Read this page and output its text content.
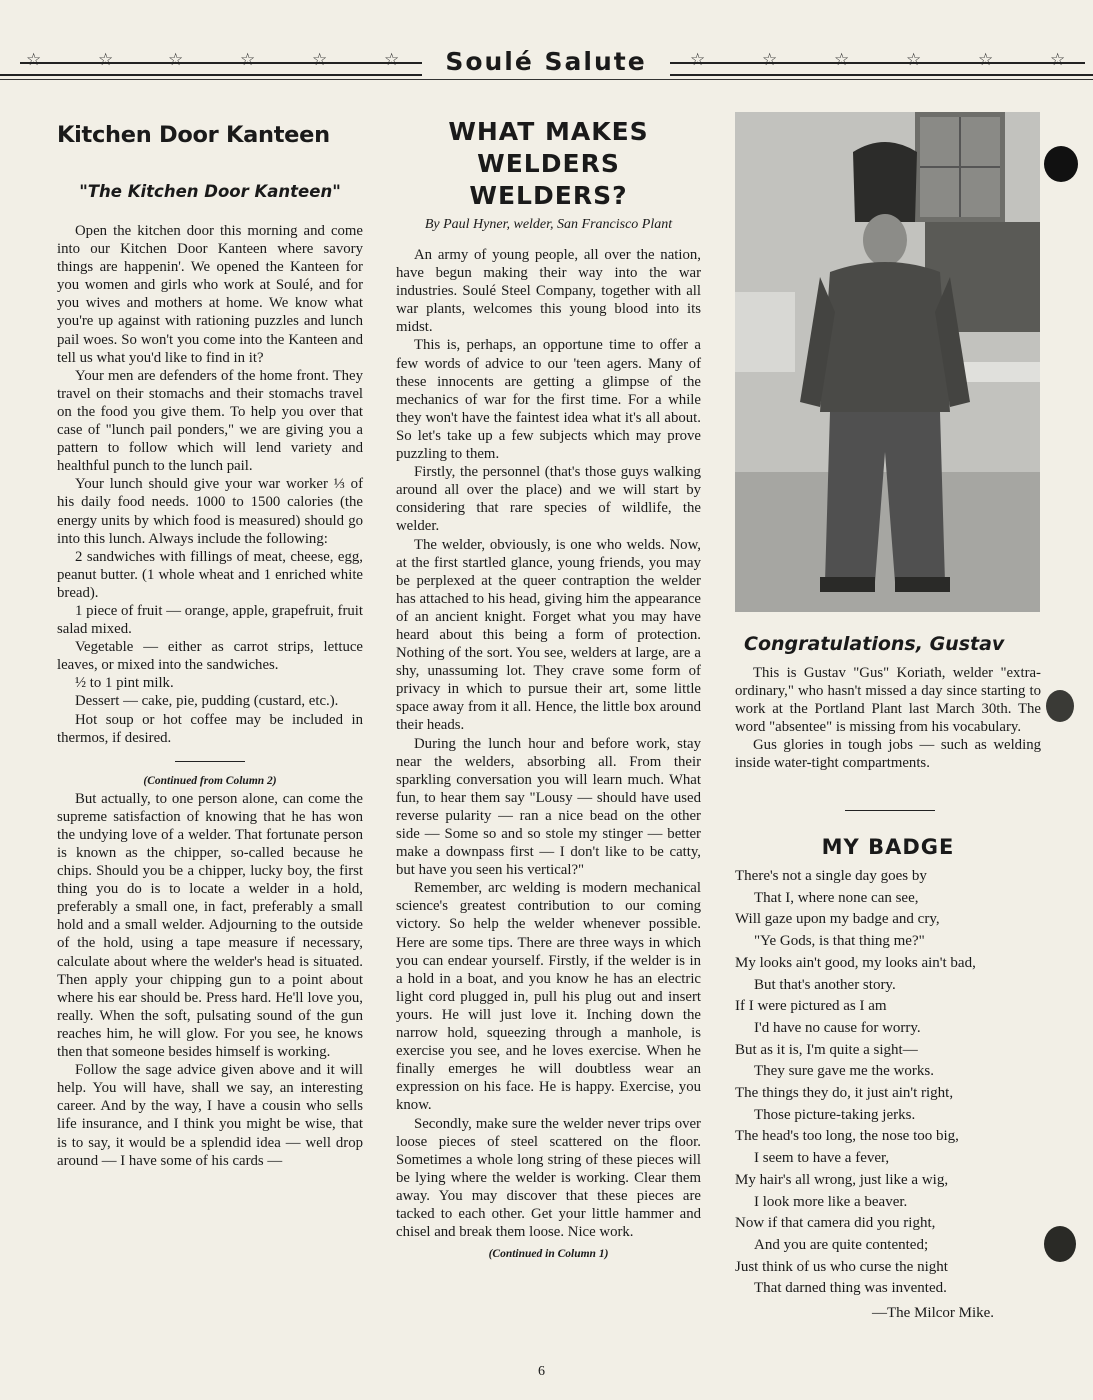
☆	☆	☆	☆	☆	☆	☆	☆	☆	☆	☆	☆
Soulé Salute
Kitchen Door Kanteen
"The Kitchen Door Kanteen"

Open the kitchen door this morning and come into our Kitchen Door Kanteen where savory things are happenin'. We opened the Kanteen for you women and girls who work at Soulé, and for you wives and mothers at home. We know what you're up against with rationing puzzles and lunch pail woes. So won't you come into the Kanteen and tell us what you'd like to find in it?

Your men are defenders of the home front. They travel on their stomachs and their stomachs travel on the food you give them. To help you over that case of "lunch pail ponders," we are giving you a pattern to follow which will lend variety and healthful punch to the lunch pail.

Your lunch should give your war worker ⅓ of his daily food needs. 1000 to 1500 calories (the energy units by which food is measured) should go into this lunch. Always include the following:

2 sandwiches with fillings of meat, cheese, egg, peanut butter. (1 whole wheat and 1 enriched white bread).

1 piece of fruit — orange, apple, grapefruit, fruit salad mixed.

Vegetable — either as carrot strips, lettuce leaves, or mixed into the sandwiches.

½ to 1 pint milk.

Dessert — cake, pie, pudding (custard, etc.).

Hot soup or hot coffee may be included in thermos, if desired.

(Continued from Column 2)

But actually, to one person alone, can come the supreme satisfaction of knowing that he has won the undying love of a welder. That fortunate person is known as the chipper, so-called because he chips. Should you be a chipper, lucky boy, the first thing you do is to locate a welder in a hold, preferably a small one, in fact, preferably a small hold and a small welder. Adjourning to the outside of the hold, using a tape measure if necessary, calculate about where the welder's head is situated. Then apply your chipping gun to a point about where his ear should be. Press hard. He'll love you, really. When the soft, pulsating sound of the gun reaches him, he will glow. For you see, he knows then that someone besides himself is working.

Follow the sage advice given above and it will help. You will have, shall we say, an interesting career. And by the way, I have a cousin who sells life insurance, and I think you might be wise, that is to say, it would be a splendid idea — well drop around — I have some of his cards —

WHAT MAKES WELDERS WELDERS?
By Paul Hyner, welder, San Francisco Plant

An army of young people, all over the nation, have begun making their way into the war industries. Soulé Steel Company, together with all war plants, welcomes this young blood into its midst.

This is, perhaps, an opportune time to offer a few words of advice to our 'teen agers. Many of these innocents are getting a glimpse of the mechanics of war for the first time. For a while they won't have the faintest idea what it's all about. So let's take up a few subjects which may prove puzzling to them.

Firstly, the personnel (that's those guys walking around all over the place) and we will start by considering that rare species of wildlife, the welder.

The welder, obviously, is one who welds. Now, at the first startled glance, young friends, you may be perplexed at the queer contraption the welder has attached to his head, giving him the appearance of an ancient knight. Forget what you may have heard about this being a form of protection. Nothing of the sort. You see, welders at large, are a shy, unassuming lot. They crave some form of privacy in which to pursue their art, some little space away from it all. Hence, the little box around their heads.

During the lunch hour and before work, stay near the welders, absorbing all. From their sparkling conversation you will learn much. What fun, to hear them say "Lousy — should have used reverse pularity — ran a nice bead on the other side — Some so and so stole my stinger — better make a downpass first — I don't like to be catty, but have you seen his vertical?"

Remember, arc welding is modern mechanical science's greatest contribution to our coming victory. So help the welder whenever possible. Here are some tips. There are three ways in which you can endear yourself. Firstly, if the welder is in a hold in a boat, and you know he has an electric light cord plugged in, pull his plug out and insert yours. He will just love it. Inching down the narrow hold, squeezing through a manhole, is exercise you see, and he loves exercise. When he finally emerges he will doubtless wear an expression on his face. He is happy. Exercise, you know.

Secondly, make sure the welder never trips over loose pieces of steel scattered on the floor. Sometimes a whole long string of these pieces will be lying where the welder is working. Clear them away. You may discover that these pieces are tacked to each other. Get your little hammer and chisel and break them loose. Nice work.

(Continued in Column 1)
Congratulations, Gustav

This is Gustav "Gus" Koriath, welder "extra-ordinary," who hasn't missed a day since starting to work at the Portland Plant last March 30th. The word "absentee" is missing from his vocabulary.

Gus glories in tough jobs — such as welding inside water-tight compartments.

MY BADGE
There's not a single day goes by
That I, where none can see,
Will gaze upon my badge and cry,
"Ye Gods, is that thing me?"
My looks ain't good, my looks ain't bad,
But that's another story.
If I were pictured as I am
I'd have no cause for worry.
But as it is, I'm quite a sight—
They sure gave me the works.
The things they do, it just ain't right,
Those picture-taking jerks.
The head's too long, the nose too big,
I seem to have a fever,
My hair's all wrong, just like a wig,
I look more like a beaver.
Now if that camera did you right,
And you are quite contented;
Just think of us who curse the night
That darned thing was invented.
—The Milcor Mike.
6
